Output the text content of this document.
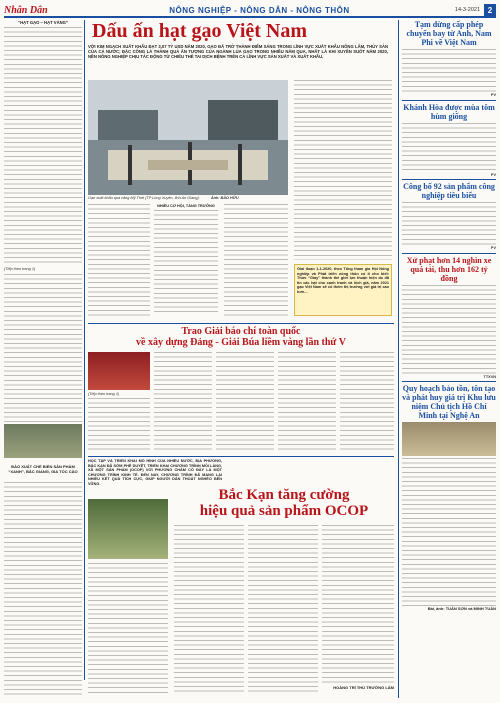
Nhân Dân	NÔNG NGHIỆP - NÔNG DÂN - NÔNG THÔN	14-3-2021 2
“HẠT GẠO – HẠT VÀNG”
(Tiếp theo trang 1)
ĐÀO XUẤT CHỂ BIẾN SẢN PHẨM “XANH”, BẮC GIANG, GIA TỐC CÀO
Dấu ấn hạt gạo Việt Nam
VỚI KIM NGẠCH XUẤT KHẨU ĐẠT 3,07 TỶ USD NĂM 2020, GẠO ĐÃ TRỞ THÀNH ĐIỂM SÁNG TRONG LĨNH VỰC XUẤT KHẨU NÔNG LÂM, THỦY SẢN CỦA CẢ NƯỚC; ĐẶC CÔNG LÀ THÀNH QUẢ ẤN TƯỢNG CỦA NGÀNH LÚA GẠO TRONG NHIỀU NĂM QUA, NHẤT LÀ KHI XUYÊN SUỐT NĂM 2020, NỀN NÔNG NGHIỆP CHỊU TÁC ĐỘNG TỪ CHIẾU THẾ TAI DỊCH BỆNH TRÊN CẢ LĨNH VỰC SẢN XUẤT VÀ XUẤT KHẨU.
Gạo xuất khẩu qua cảng Mỹ Thới (TP Long Xuyên, tỉnh An Giang).	Ảnh: BẢO HỮU
NHIỀU CƠ HỘI, TÁNG TRƯỞNG
Giai đoạn 1-1-2020, theo Tổng tham gia Hội Nông nghiệp và Phát triển nông thôn có ít cho biết: Thức “Giay” thành thế giới lực thuận hiện do đã tin các hạt cho cạnh tranh và lệch giá, năm 2021 gạo Việt Nam sẽ có thêm thị trường với giá trị cao hơn...
Trao Giải báo chí toàn quốc
về xây dựng Đảng - Giải Búa liềm vàng lần thứ V
(Tiếp theo trang 1)
HỌC TẬP VÀ TRIỂN KHAI MÔ HÌNH CỦA NHIỀU NƯỚC, ĐỊA PHƯƠNG, BẮC KẠN ĐÃ SỚM PHÊ DUYỆT, TRIỂN KHAI CHƯƠNG TRÌNH MỖI LÀNG, XÃ MỘT SẢN PHẨM (OCOP) VỚI PHƯƠNG CHÂM CÓ ĐẦY LÀ MỘT CHƯƠNG TRÌNH KINH TẾ. ĐẾN NAY, CHƯƠNG TRÌNH ĐÃ MANG LẠI NHIỀU KẾT QUẢ TÍCH CỰC, GIÚP NGƯỜI DÂN THOÁT NGHÈO BỀN VỮNG.
Bắc Kạn tăng cường
hiệu quả sản phẩm OCOP
HOÀNG TRÍ THÙ TRƯỜNG LÂM
Tạm dừng cấp phép chuyến bay từ Anh, Nam Phi về Việt Nam
PV
Khánh Hòa được mùa tôm hùm giống
PV
Công bố 92 sản phẩm công nghiệp tiêu biểu
PV
Xử phạt hơn 14 nghìn xe quá tải, thu hơn 162 tỷ đồng
TTXVN
Quy hoạch bảo tồn, tôn tạo và phát huy giá trị Khu lưu niệm Chủ tịch Hồ Chí Minh tại Nghệ An
Bài, ảnh: TUẤN SƠN và MINH TUẤN
